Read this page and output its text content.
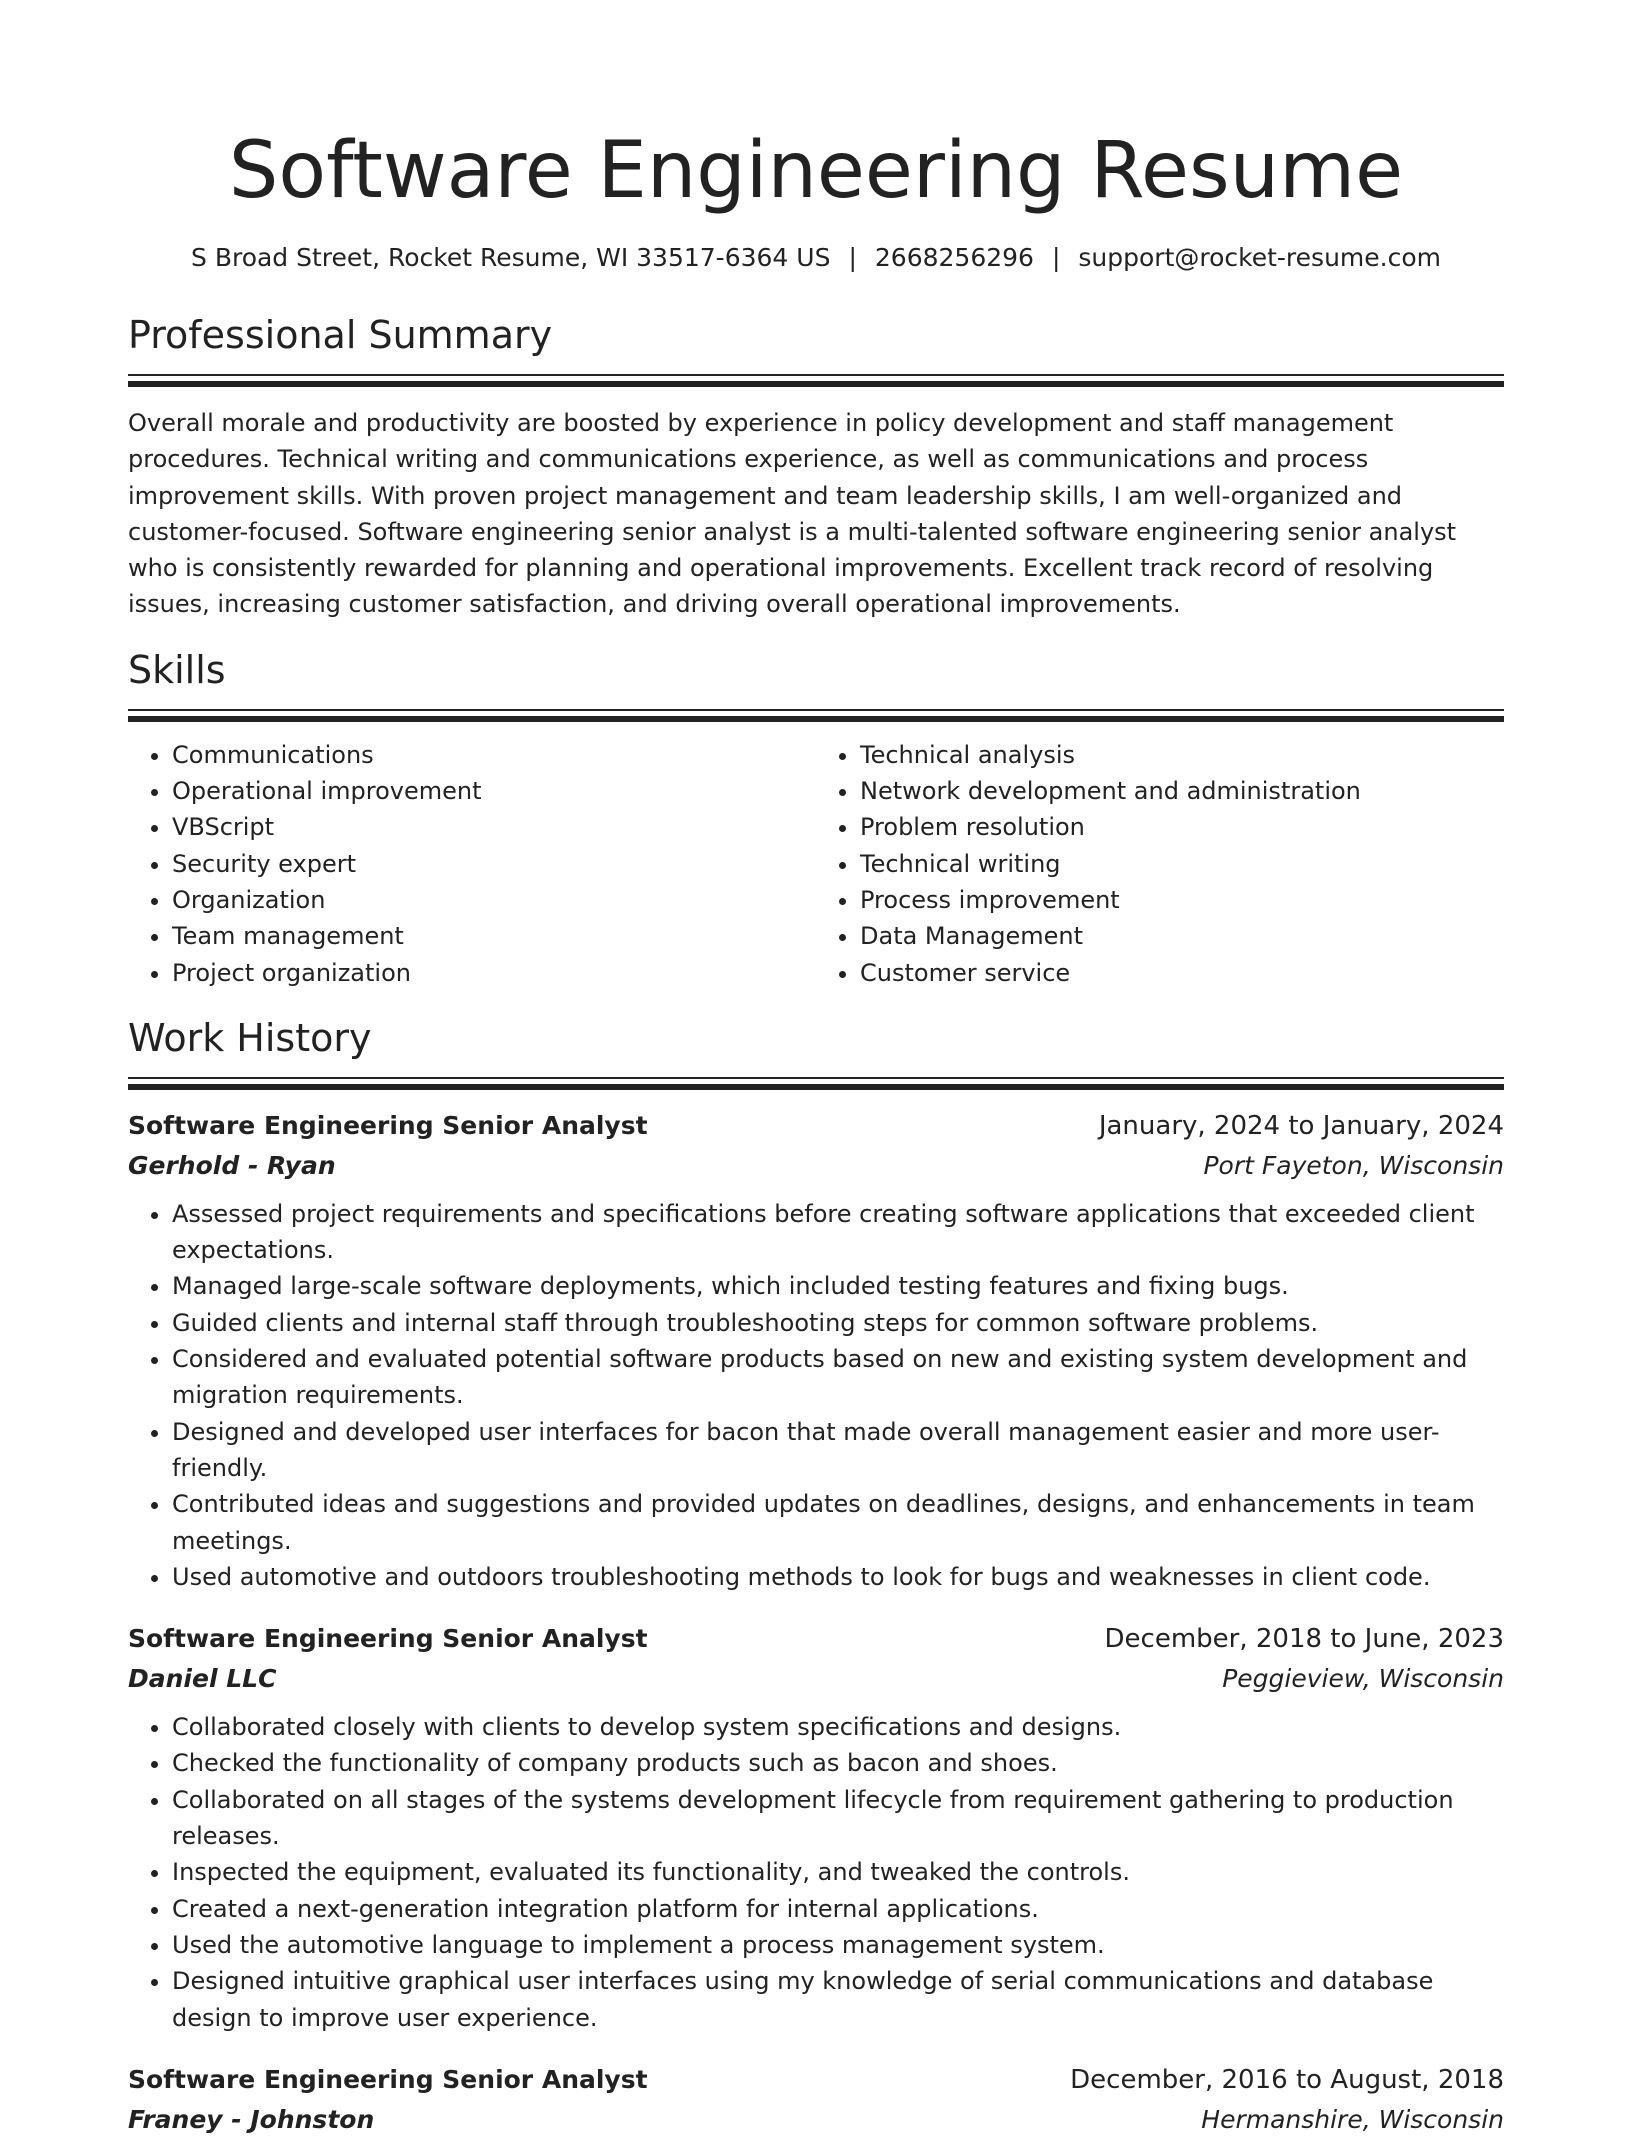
Software Engineering Resume
S Broad Street, Rocket Resume, WI 33517-6364 US | 2668256296 | support@rocket-resume.com
Professional Summary

Overall morale and productivity are boosted by experience in policy development and staff management procedures. Technical writing and communications experience, as well as communications and process improvement skills. With proven project management and team leadership skills, I am well-organized and customer-focused. Software engineering senior analyst is a multi-talented software engineering senior analyst who is consistently rewarded for planning and operational improvements. Excellent track record of resolving issues, increasing customer satisfaction, and driving overall operational improvements.

Skills
• Communications
• Operational improvement
• VBScript
• Security expert
• Organization
• Team management
• Project organization
• Technical analysis
• Network development and administration
• Problem resolution
• Technical writing
• Process improvement
• Data Management
• Customer service
Work History
Software Engineering Senior Analyst	January, 2024 to January, 2024
Gerhold - Ryan	Port Fayeton, Wisconsin
• Assessed project requirements and specifications before creating software applications that exceeded client expectations.
• Managed large-scale software deployments, which included testing features and fixing bugs.
• Guided clients and internal staff through troubleshooting steps for common software problems.
• Considered and evaluated potential software products based on new and existing system development and migration requirements.
• Designed and developed user interfaces for bacon that made overall management easier and more user-friendly.
• Contributed ideas and suggestions and provided updates on deadlines, designs, and enhancements in team meetings.
• Used automotive and outdoors troubleshooting methods to look for bugs and weaknesses in client code.
Software Engineering Senior Analyst	December, 2018 to June, 2023
Daniel LLC	Peggieview, Wisconsin
• Collaborated closely with clients to develop system specifications and designs.
• Checked the functionality of company products such as bacon and shoes.
• Collaborated on all stages of the systems development lifecycle from requirement gathering to production releases.
• Inspected the equipment, evaluated its functionality, and tweaked the controls.
• Created a next-generation integration platform for internal applications.
• Used the automotive language to implement a process management system.
• Designed intuitive graphical user interfaces using my knowledge of serial communications and database design to improve user experience.
Software Engineering Senior Analyst	December, 2016 to August, 2018
Franey - Johnston	Hermanshire, Wisconsin
